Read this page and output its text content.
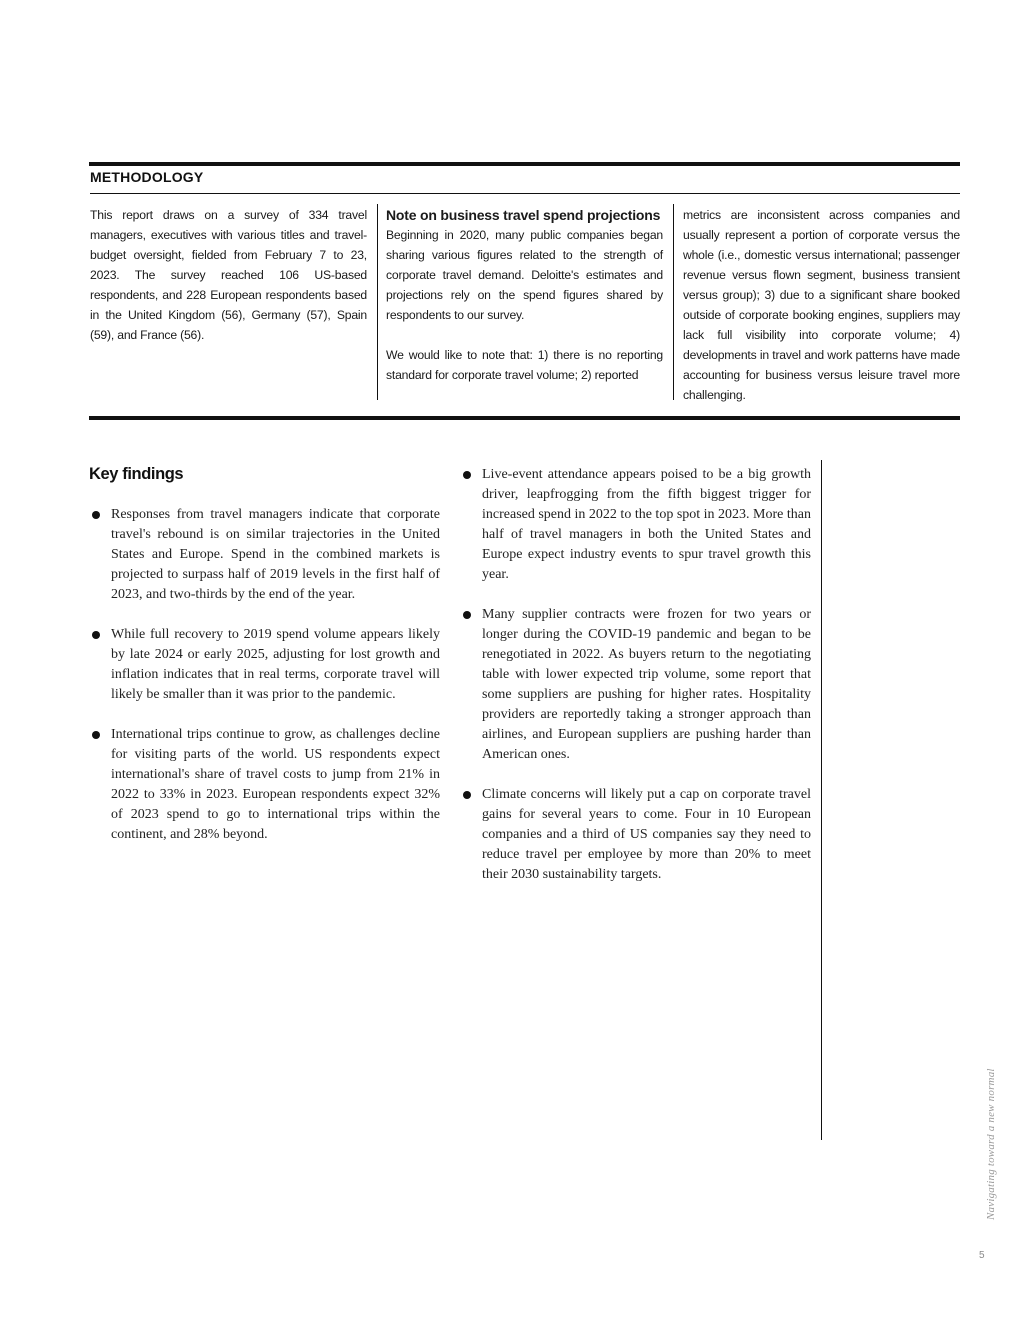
METHODOLOGY

This report draws on a survey of 334 travel managers, executives with various titles and travel-budget oversight, fielded from February 7 to 23, 2023. The survey reached 106 US-based respondents, and 228 European respondents based in the United Kingdom (56), Germany (57), Spain (59), and France (56).

Note on business travel spend projections

Beginning in 2020, many public companies began sharing various figures related to the strength of corporate travel demand. Deloitte's estimates and projections rely on the spend figures shared by respondents to our survey.

We would like to note that: 1) there is no reporting standard for corporate travel volume; 2) reported

metrics are inconsistent across companies and usually represent a portion of corporate versus the whole (i.e., domestic versus international; passenger revenue versus flown segment, business transient versus group); 3) due to a significant share booked outside of corporate booking engines, suppliers may lack full visibility into corporate volume; 4) developments in travel and work patterns have made accounting for business versus leisure travel more challenging.

Key findings
Responses from travel managers indicate that corporate travel's rebound is on similar trajectories in the United States and Europe. Spend in the combined markets is projected to surpass half of 2019 levels in the first half of 2023, and two-thirds by the end of the year.
While full recovery to 2019 spend volume appears likely by late 2024 or early 2025, adjusting for lost growth and inflation indicates that in real terms, corporate travel will likely be smaller than it was prior to the pandemic.
International trips continue to grow, as challenges decline for visiting parts of the world. US respondents expect international's share of travel costs to jump from 21% in 2022 to 33% in 2023. European respondents expect 32% of 2023 spend to go to international trips within the continent, and 28% beyond.
Live-event attendance appears poised to be a big growth driver, leapfrogging from the fifth biggest trigger for increased spend in 2022 to the top spot in 2023. More than half of travel managers in both the United States and Europe expect industry events to spur travel growth this year.
Many supplier contracts were frozen for two years or longer during the COVID-19 pandemic and began to be renegotiated in 2022. As buyers return to the negotiating table with lower expected trip volume, some report that some suppliers are pushing for higher rates. Hospitality providers are reportedly taking a stronger approach than airlines, and European suppliers are pushing harder than American ones.
Climate concerns will likely put a cap on corporate travel gains for several years to come. Four in 10 European companies and a third of US companies say they need to reduce travel per employee by more than 20% to meet their 2030 sustainability targets.
Navigating toward a new normal
5
